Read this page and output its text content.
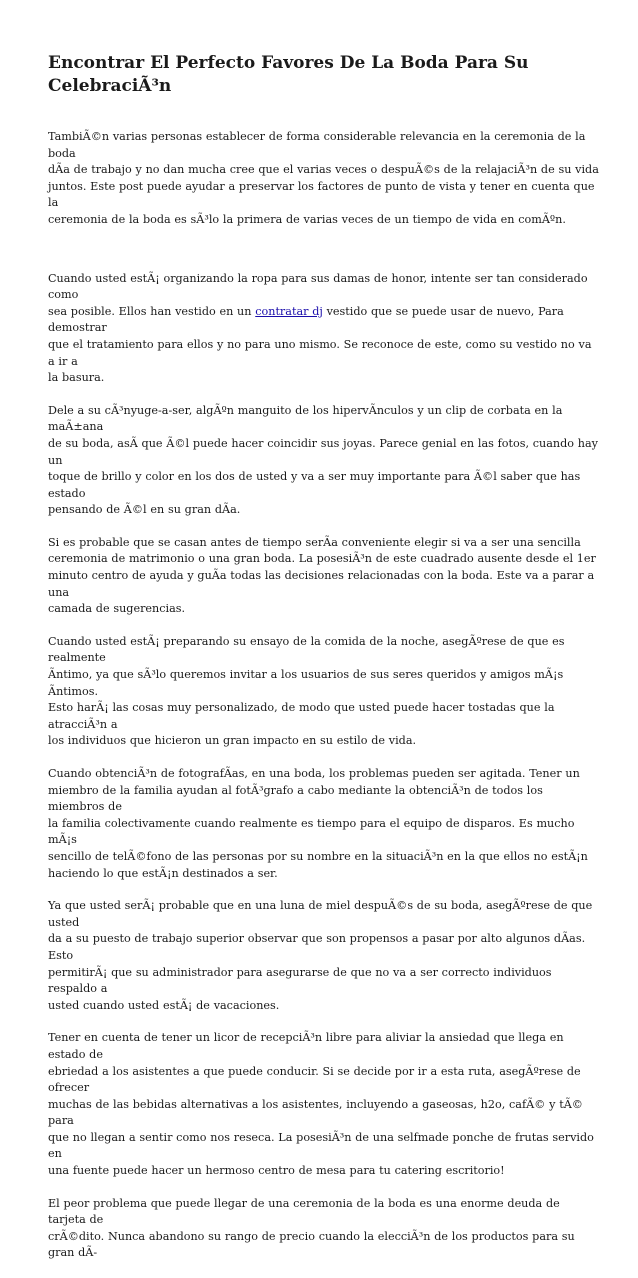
Encontrar El Perfecto Favores De La Boda Para Su CelebraciÃ³n

TambiÃ©n varias personas establecer de forma considerable relevancia en la ceremonia de la boda
dÃa de trabajo y no dan mucha cree que el varias veces o despuÃ©s de la relajaciÃ³n de su vida
juntos. Este post puede ayudar a preservar los factores de punto de vista y tener en cuenta que la
ceremonia de la boda es sÃ³lo la primera de varias veces de un tiempo de vida en comÃºn.

Cuando usted estÃ¡ organizando la ropa para sus damas de honor, intente ser tan considerado como
sea posible. Ellos han vestido en un contratar dj vestido que se puede usar de nuevo, Para demostrar
que el tratamiento para ellos y no para uno mismo. Se reconoce de este, como su vestido no va a ir a
la basura.

Dele a su cÃ³nyuge-a-ser, algÃºn manguito de los hipervÃnculos y un clip de corbata en la maÃ±ana
de su boda, asÃ que Ã©l puede hacer coincidir sus joyas. Parece genial en las fotos, cuando hay un
toque de brillo y color en los dos de usted y va a ser muy importante para Ã©l saber que has estado
pensando de Ã©l en su gran dÃa.

Si es probable que se casan antes de tiempo serÃa conveniente elegir si va a ser una sencilla
ceremonia de matrimonio o una gran boda. La posesiÃ³n de este cuadrado ausente desde el 1er
minuto centro de ayuda y guÃa todas las decisiones relacionadas con la boda. Este va a parar a una
camada de sugerencias.

Cuando usted estÃ¡ preparando su ensayo de la comida de la noche, asegÃºrese de que es realmente
Ãntimo, ya que sÃ³lo queremos invitar a los usuarios de sus seres queridos y amigos mÃ¡s Ãntimos.
Esto harÃ¡ las cosas muy personalizado, de modo que usted puede hacer tostadas que la atracciÃ³n a
los individuos que hicieron un gran impacto en su estilo de vida.

Cuando obtenciÃ³n de fotografÃas, en una boda, los problemas pueden ser agitada. Tener un
miembro de la familia ayudan al fotÃ³grafo a cabo mediante la obtenciÃ³n de todos los miembros de
la familia colectivamente cuando realmente es tiempo para el equipo de disparos. Es mucho mÃ¡s
sencillo de telÃ©fono de las personas por su nombre en la situaciÃ³n en la que ellos no estÃ¡n
haciendo lo que estÃ¡n destinados a ser.

Ya que usted serÃ¡ probable que en una luna de miel despuÃ©s de su boda, asegÃºrese de que usted
da a su puesto de trabajo superior observar que son propensos a pasar por alto algunos dÃas. Esto
permitirÃ¡ que su administrador para asegurarse de que no va a ser correcto individuos respaldo a
usted cuando usted estÃ¡ de vacaciones.

Tener en cuenta de tener un licor de recepciÃ³n libre para aliviar la ansiedad que llega en estado de
ebriedad a los asistentes a que puede conducir. Si se decide por ir a esta ruta, asegÃºrese de ofrecer
muchas de las bebidas alternativas a los asistentes, incluyendo a gaseosas, h2o, cafÃ© y tÃ© para
que no llegan a sentir como nos reseca. La posesiÃ³n de una selfmade ponche de frutas servido en
una fuente puede hacer un hermoso centro de mesa para tu catering escritorio!

El peor problema que puede llegar de una ceremonia de la boda es una enorme deuda de tarjeta de
crÃ©dito. Nunca abandono su rango de precio cuando la elecciÃ³n de los productos para su gran dÃ-
